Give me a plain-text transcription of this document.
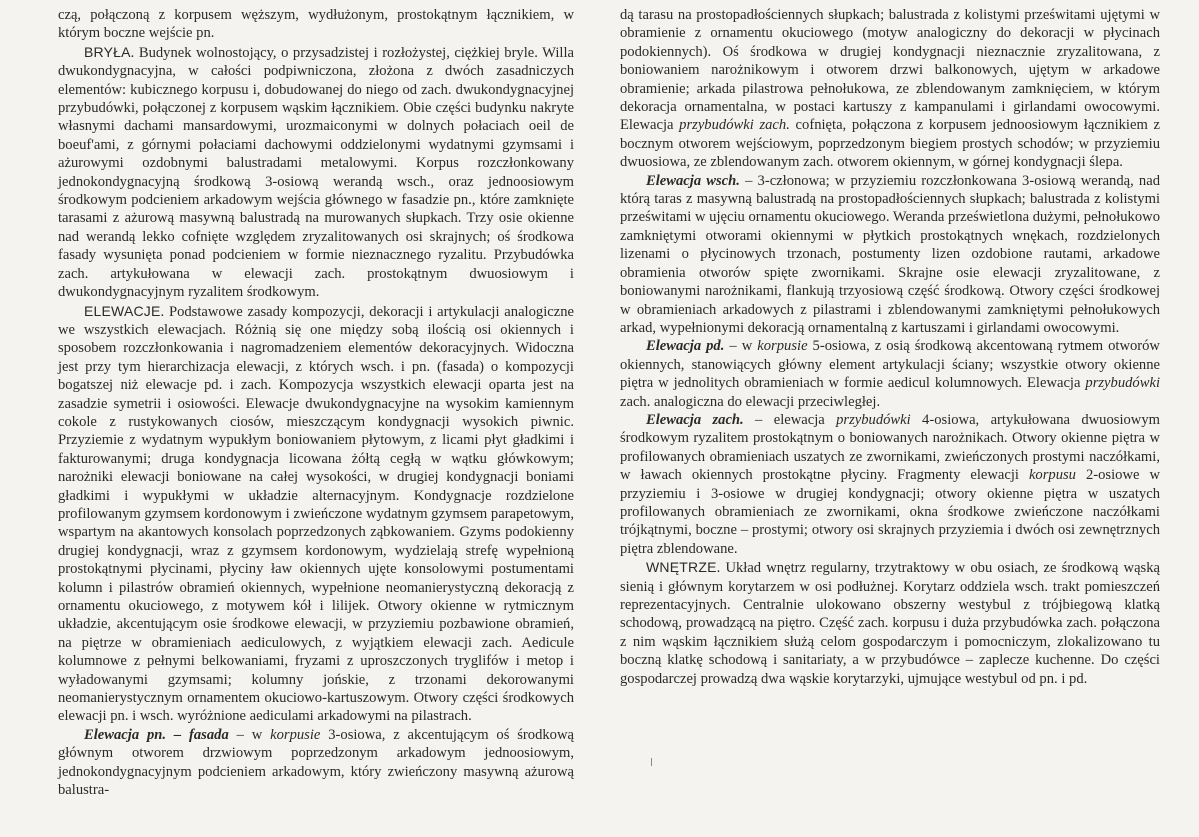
czą, połączoną z korpusem węższym, wydłużonym, prostokątnym łącznikiem, w którym boczne wejście pn.

BRYŁA. Budynek wolnostojący, o przysadzistej i rozłożystej, ciężkiej bryle. Willa dwukondygnacyjna, w całości podpiwniczona, złożona z dwóch zasadniczych elementów: kubicznego korpusu i, dobudowanej do niego od zach. dwukondygnacyjnej przybudówki, połączonej z korpusem wąskim łącznikiem. Obie części budynku nakryte własnymi dachami mansardowymi, urozmaiconymi w dolnych połaciach oeil de boeuf'ami, z górnymi połaciami dachowymi oddzielonymi wydatnymi gzymsami i ażurowymi ozdobnymi balustradami metalowymi. Korpus rozczłonkowany jednokondygnacyjną środkową 3-osiową werandą wsch., oraz jednoosiowym środkowym podcieniem arkadowym wejścia głównego w fasadzie pn., które zamknięte tarasami z ażurową masywną balustradą na murowanych słupkach. Trzy osie okienne nad werandą lekko cofnięte względem zryzalitowanych osi skrajnych; oś środkowa fasady wysunięta ponad podcieniem w formie nieznacznego ryzalitu. Przybudówka zach. artykułowana w elewacji zach. prostokątnym dwuosiowym i dwukondygnacyjnym ryzalitem środkowym.

ELEWACJE. Podstawowe zasady kompozycji, dekoracji i artykulacji analogiczne we wszystkich elewacjach. Różnią się one między sobą ilością osi okiennych i sposobem rozczłonkowania i nagromadzeniem elementów dekoracyjnych. Widoczna jest przy tym hierarchizacja elewacji, z których wsch. i pn. (fasada) o kompozycji bogatszej niż elewacje pd. i zach. Kompozycja wszystkich elewacji oparta jest na zasadzie symetrii i osiowości. Elewacje dwukondygnacyjne na wysokim kamiennym cokole z rustykowanych ciosów, mieszczącym kondygnacji wysokich piwnic. Przyziemie z wydatnym wypukłym boniowaniem płytowym, z licami płyt gładkimi i fakturowanymi; druga kondygnacja licowana żółtą cegłą w wątku główkowym; narożniki elewacji boniowane na całej wysokości, w drugiej kondygnacji boniami gładkimi i wypukłymi w układzie alternacyjnym. Kondygnacje rozdzielone profilowanym gzymsem kordonowym i zwieńczone wydatnym gzymsem parapetowym, wspartym na akantowych konsolach poprzedzonych ząbkowaniem. Gzyms podokienny drugiej kondygnacji, wraz z gzymsem kordonowym, wydzielają strefę wypełnioną prostokątnymi płycinami, płyciny ław okiennych ujęte konsolowymi postumentami kolumn i pilastrów obramień okiennych, wypełnione neomanierystyczną dekoracją z ornamentu okuciowego, z motywem kół i lilijek. Otwory okienne w rytmicznym układzie, akcentującym osie środkowe elewacji, w przyziemiu pozbawione obramień, na piętrze w obramieniach aediculowych, z wyjątkiem elewacji zach. Aedicule kolumnowe z pełnymi belkowaniami, fryzami z uproszczonych tryglifów i metop i wyładowanymi gzymsami; kolumny jońskie, z trzonami dekorowanymi neomanierystycznym ornamentem okuciowo-kartuszowym. Otwory części środkowych elewacji pn. i wsch. wyróżnione aediculami arkadowymi na pilastrach.

Elewacja pn. – fasada – w korpusie 3-osiowa, z akcentującym oś środkową głównym otworem drzwiowym poprzedzonym arkadowym jednoosiowym, jednokondygnacyjnym podcieniem arkadowym, który zwieńczony masywną ażurową balustra-

dą tarasu na prostopadłościennych słupkach; balustrada z kolistymi prześwitami ujętymi w obramienie z ornamentu okuciowego (motyw analogiczny do dekoracji w płycinach podokiennych). Oś środkowa w drugiej kondygnacji nieznacznie zryzalitowana, z boniowaniem narożnikowym i otworem drzwi balkonowych, ujętym w arkadowe obramienie; arkada pilastrowa pełnołukowa, ze zblendowanym zamknięciem, w którym dekoracja ornamentalna, w postaci kartuszy z kampanulami i girlandami owocowymi. Elewacja przybudówki zach. cofnięta, połączona z korpusem jednoosiowym łącznikiem z bocznym otworem wejściowym, poprzedzonym biegiem prostych schodów; w przyziemiu dwuosiowa, ze zblendowanym zach. otworem okiennym, w górnej kondygnacji ślepa.

Elewacja wsch. – 3-członowa; w przyziemiu rozczłonkowana 3-osiową werandą, nad którą taras z masywną balustradą na prostopadłościennych słupkach; balustrada z kolistymi prześwitami w ujęciu ornamentu okuciowego. Weranda prześwietlona dużymi, pełnołukowo zamkniętymi otworami okiennymi w płytkich prostokątnych wnękach, rozdzielonych lizenami o płycinowych trzonach, postumenty lizen ozdobione rautami, arkadowe obramienia otworów spięte zwornikami. Skrajne osie elewacji zryzalitowane, z boniowanymi narożnikami, flankują trzyosiową część środkową. Otwory części środkowej w obramieniach arkadowych z pilastrami i zblendowanymi zamkniętymi pełnołukowych arkad, wypełnionymi dekoracją ornamentalną z kartuszami i girlandami owocowymi.

Elewacja pd. – w korpusie 5-osiowa, z osią środkową akcentowaną rytmem otworów okiennych, stanowiących główny element artykulacji ściany; wszystkie otwory okienne piętra w jednolitych obramieniach w formie aedicul kolumnowych. Elewacja przybudówki zach. analogiczna do elewacji przeciwległej.

Elewacja zach. – elewacja przybudówki 4-osiowa, artykułowana dwuosiowym środkowym ryzalitem prostokątnym o boniowanych narożnikach. Otwory okienne piętra w profilowanych obramieniach uszatych ze zwornikami, zwieńczonych prostymi naczółkami, w ławach okiennych prostokątne płyciny. Fragmenty elewacji korpusu 2-osiowe w przyziemiu i 3-osiowe w drugiej kondygnacji; otwory okienne piętra w uszatych profilowanych obramieniach ze zwornikami, okna środkowe zwieńczone naczółkami trójkątnymi, boczne – prostymi; otwory osi skrajnych przyziemia i dwóch osi zewnętrznych piętra zblendowane.

WNĘTRZE. Układ wnętrz regularny, trzytraktowy w obu osiach, ze środkową wąską sienią i głównym korytarzem w osi podłużnej. Korytarz oddziela wsch. trakt pomieszczeń reprezentacyjnych. Centralnie ulokowano obszerny westybul z trójbiegową klatką schodową, prowadzącą na piętro. Część zach. korpusu i duża przybudówka zach. połączona z nim wąskim łącznikiem służą celom gospodarczym i pomocniczym, zlokalizowano tu boczną klatkę schodową i sanitariaty, a w przybudówce – zaplecze kuchenne. Do części gospodarczej prowadzą dwa wąskie korytarzyki, ujmujące westybul od pn. i pd.
